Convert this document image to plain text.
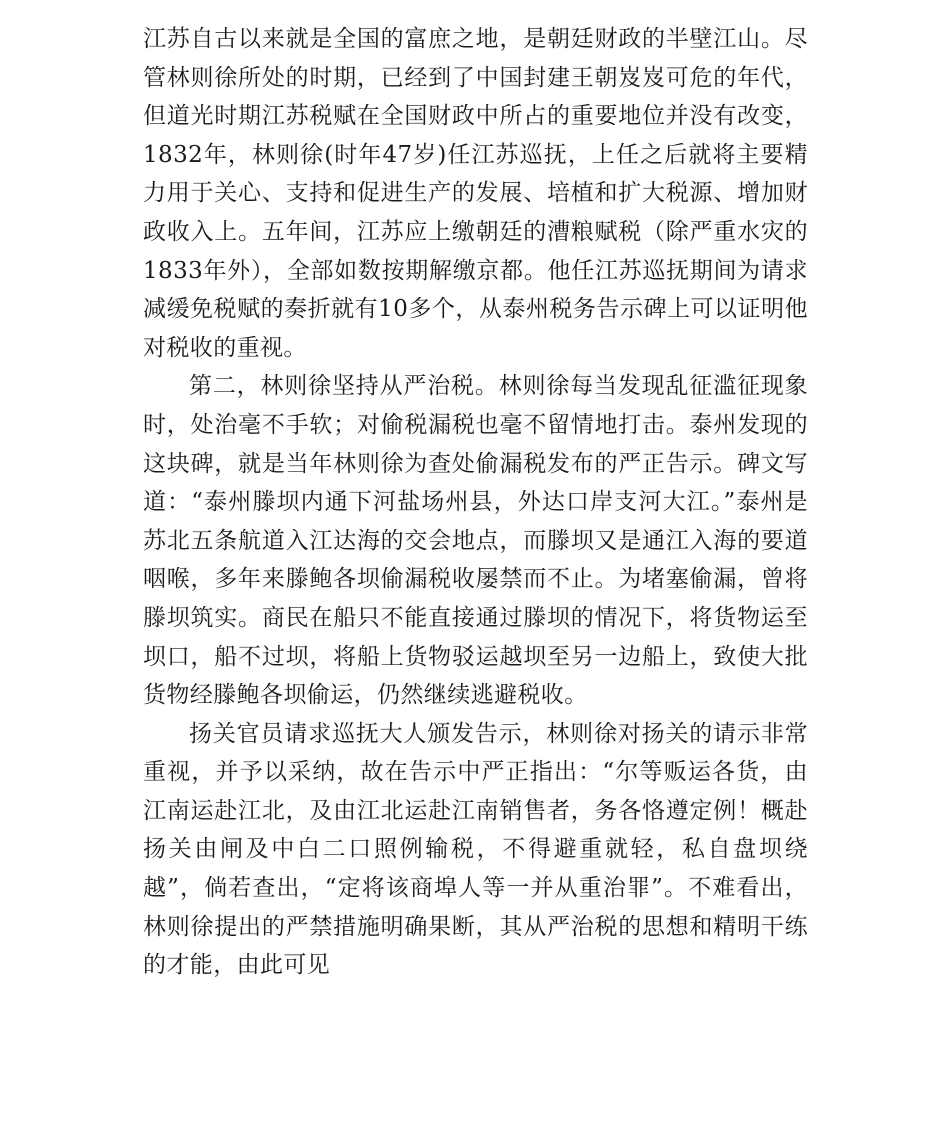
江苏自古以来就是全国的富庶之地，是朝廷财政的半壁江山。尽管林则徐所处的时期，已经到了中国封建王朝岌岌可危的年代，但道光时期江苏税赋在全国财政中所占的重要地位并没有改变，1832年，林则徐(时年47岁)任江苏巡抚，上任之后就将主要精力用于关心、支持和促进生产的发展、培植和扩大税源、增加财政收入上。五年间，江苏应上缴朝廷的漕粮赋税（除严重水灾的1833年外），全部如数按期解缴京都。他任江苏巡抚期间为请求减缓免税赋的奏折就有10多个，从泰州税务告示碑上可以证明他对税收的重视。

第二，林则徐坚持从严治税。林则徐每当发现乱征滥征现象时，处治毫不手软；对偷税漏税也毫不留情地打击。泰州发现的这块碑，就是当年林则徐为查处偷漏税发布的严正告示。碑文写道：“泰州滕坝内通下河盐场州县，外达口岸支河大江。”泰州是苏北五条航道入江达海的交会地点，而滕坝又是通江入海的要道咽喉，多年来滕鲍各坝偷漏税收屡禁而不止。为堵塞偷漏，曾将滕坝筑实。商民在船只不能直接通过滕坝的情况下，将货物运至坝口，船不过坝，将船上货物驳运越坝至另一边船上，致使大批货物经滕鲍各坝偷运，仍然继续逃避税收。

扬关官员请求巡抚大人颁发告示，林则徐对扬关的请示非常重视，并予以采纳，故在告示中严正指出：“尔等贩运各货，由江南运赴江北，及由江北运赴江南销售者，务各恪遵定例！概赴扬关由闸及中白二口照例输税，不得避重就轻，私自盘坝绕越”，倘若查出，“定将该商埠人等一并从重治罪”。不难看出，林则徐提出的严禁措施明确果断，其从严治税的思想和精明干练的才能，由此可见
